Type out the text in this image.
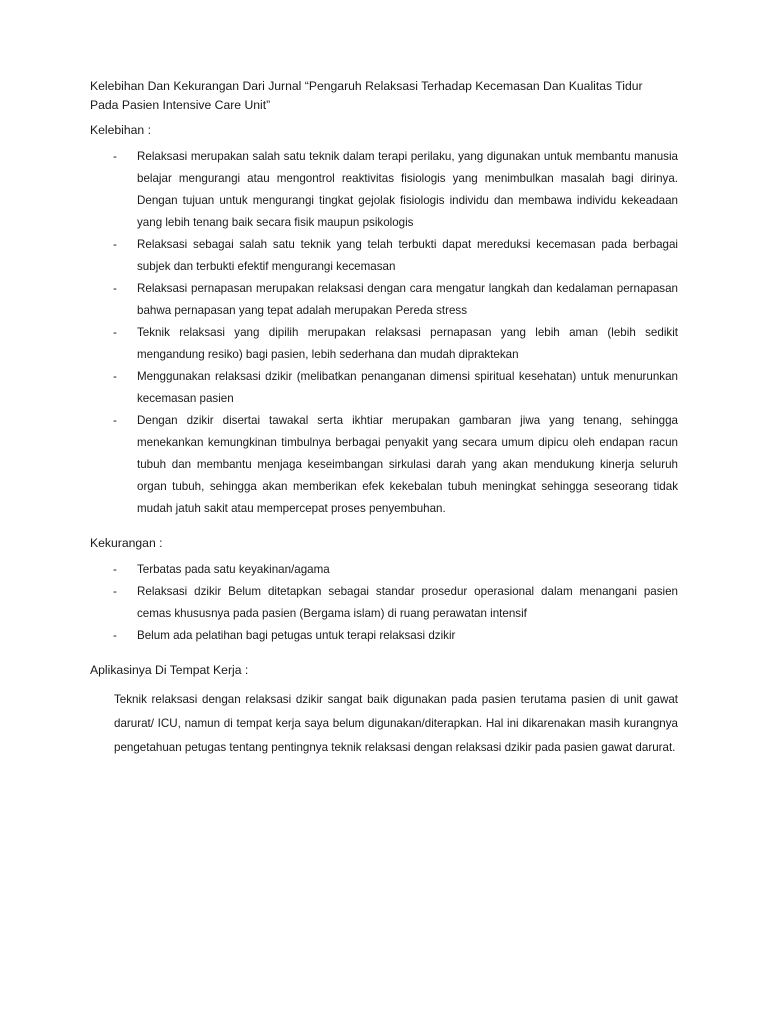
Kelebihan Dan Kekurangan Dari Jurnal “Pengaruh Relaksasi Terhadap Kecemasan Dan Kualitas Tidur
Pada Pasien Intensive Care Unit”
Kelebihan :
- Relaksasi merupakan salah satu teknik dalam terapi perilaku, yang digunakan untuk membantu manusia belajar mengurangi atau mengontrol reaktivitas fisiologis yang menimbulkan masalah bagi dirinya. Dengan tujuan untuk mengurangi tingkat gejolak fisiologis individu dan membawa individu kekeadaan yang lebih tenang baik secara fisik maupun psikologis
- Relaksasi sebagai salah satu teknik yang telah terbukti dapat mereduksi kecemasan pada berbagai subjek dan terbukti efektif mengurangi kecemasan
- Relaksasi pernapasan merupakan relaksasi dengan cara mengatur langkah dan kedalaman pernapasan bahwa pernapasan yang tepat adalah merupakan Pereda stress
- Teknik relaksasi yang dipilih merupakan relaksasi pernapasan yang lebih aman (lebih sedikit mengandung resiko) bagi pasien, lebih sederhana dan mudah dipraktekan
- Menggunakan relaksasi dzikir (melibatkan penanganan dimensi spiritual kesehatan) untuk menurunkan kecemasan pasien
- Dengan dzikir disertai tawakal serta ikhtiar merupakan gambaran jiwa yang tenang, sehingga menekankan kemungkinan timbulnya berbagai penyakit yang secara umum dipicu oleh endapan racun tubuh dan membantu menjaga keseimbangan sirkulasi darah yang akan mendukung kinerja seluruh organ tubuh, sehingga akan memberikan efek kekebalan tubuh meningkat sehingga seseorang tidak mudah jatuh sakit atau mempercepat proses penyembuhan.
Kekurangan :
- Terbatas pada satu keyakinan/agama
- Relaksasi dzikir Belum ditetapkan sebagai standar prosedur operasional dalam menangani pasien cemas khususnya pada pasien (Bergama islam) di ruang perawatan intensif
- Belum ada pelatihan bagi petugas untuk terapi relaksasi dzikir
Aplikasinya Di Tempat Kerja :

Teknik relaksasi dengan relaksasi dzikir sangat baik digunakan pada pasien terutama pasien di unit gawat darurat/ ICU, namun di tempat kerja saya belum digunakan/diterapkan. Hal ini dikarenakan masih kurangnya pengetahuan petugas tentang pentingnya teknik relaksasi dengan relaksasi dzikir pada pasien gawat darurat.
